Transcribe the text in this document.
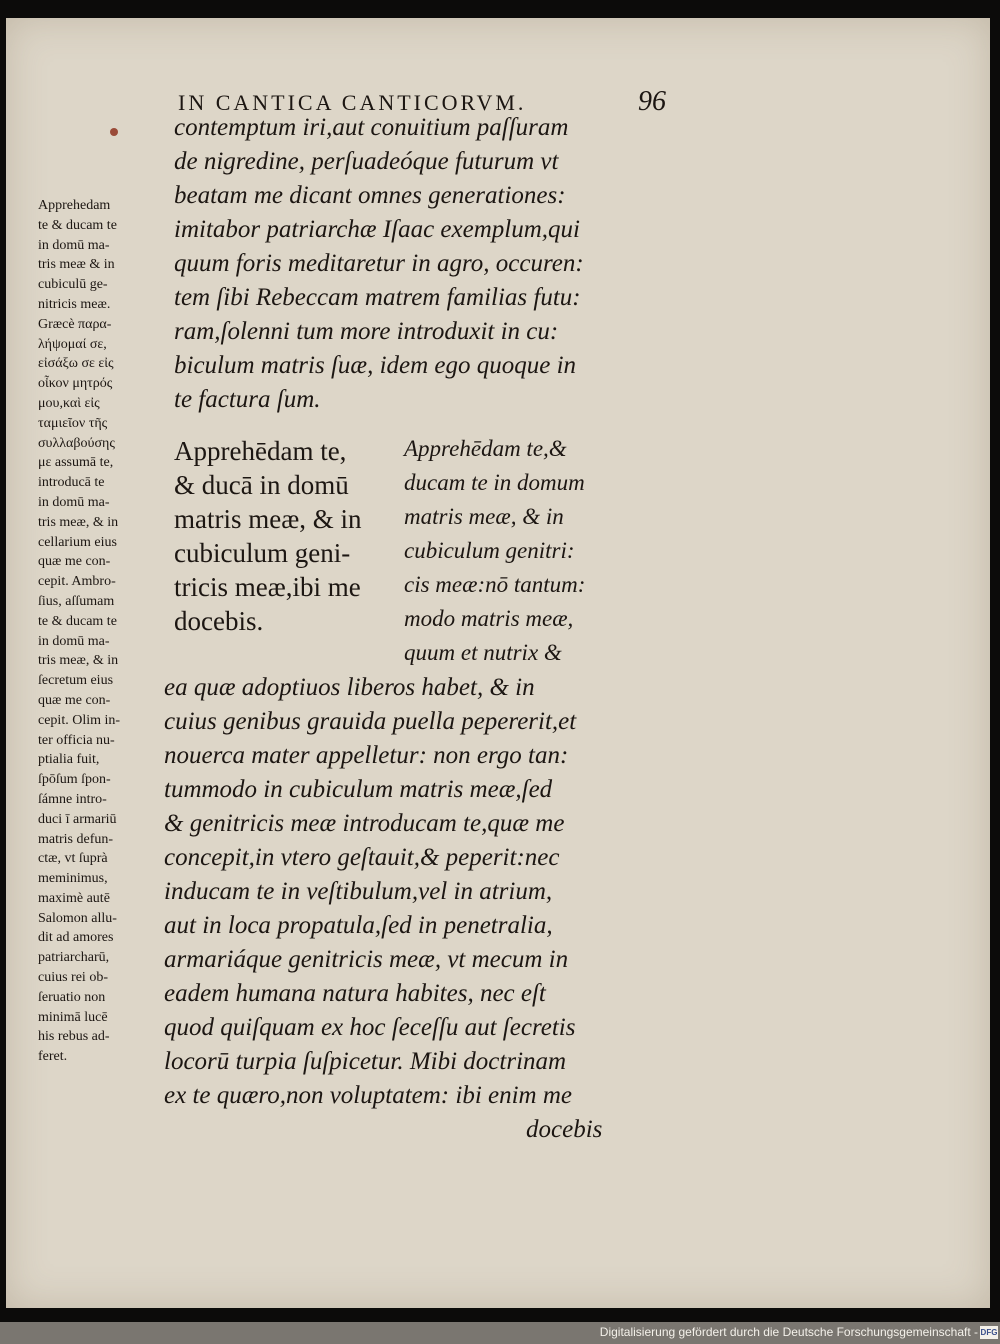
IN CANTICA CANTICORVM.	96
Apprehedam
te & ducam te
in domū ma-
tris meæ & in
cubiculū ge-
nitricis meæ.
Græcè παρα-
λήψομαί σε,
εἰσάξω σε εἰς
οἶκον μητρός
μου,καὶ εἰς
ταμιεῖον τῆς
συλλαβούσης
με assumā te,
introducā te
in domū ma-
tris meæ, & in
cellarium eius
quæ me con-
cepit. Ambro-
ſius, aſſumam
te & ducam te
in domū ma-
tris meæ, & in
ſecretum eius
quæ me con-
cepit. Olim in-
ter officia nu-
ptialia fuit,
ſpōſum ſpon-
ſámne intro-
duci ī armariū
matris defun-
ctæ, vt ſuprà
meminimus,
maximè autē
Salomon allu-
dit ad amores
patriarcharū,
cuius rei ob-
ſeruatio non
minimā lucē
his rebus ad-
feret.
contemptum iri,aut conuitium paſſuram
de nigredine, perſuadeóque futurum vt
beatam me dicant omnes generationes:
imitabor patriarchæ Iſaac exemplum,qui
quum foris meditaretur in agro, occuren:
tem ſibi Rebeccam matrem familias futu:
ram,ſolenni tum more introduxit in cu:
biculum matris ſuæ, idem ego quoque in
te factura ſum.
Apprehēdam te,
& ducā in domū
matris meæ, & in
cubiculum geni-
tricis meæ,ibi me
docebis.
Apprehēdam te,&
ducam te in domum
matris meæ, & in
cubiculum genitri:
cis meæ:nō tantum:
modo matris meæ,
quum et nutrix &
ea quæ adoptiuos liberos habet, & in
cuius genibus grauida puella pepererit,et
nouerca mater appelletur: non ergo tan:
tummodo in cubiculum matris meæ,ſed
& genitricis meæ introducam te,quæ me
concepit,in vtero geſtauit,& peperit:nec
inducam te in veſtibulum,vel in atrium,
aut in loca propatula,ſed in penetralia,
armariáque genitricis meæ, vt mecum in
eadem humana natura habites, nec eſt
quod quiſquam ex hoc ſeceſſu aut ſecretis
locorū turpia ſuſpicetur. Mibi doctrinam
ex te quæro,non voluptatem: ibi enim me
docebis
Digitalisierung gefördert durch die Deutsche Forschungsgemeinschaft - DFG
